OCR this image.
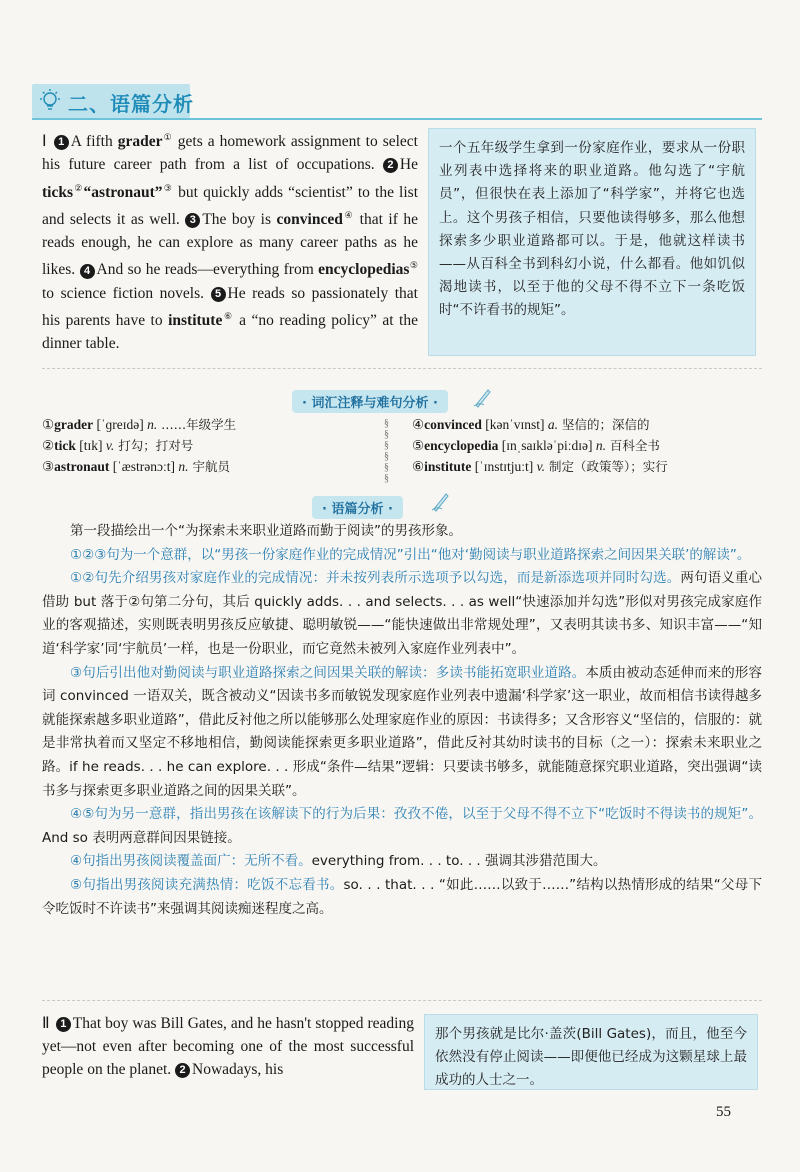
二、语篇分析
Ⅰ 1 A fifth grader① gets a homework assignment to select his future career path from a list of occupations. 2 He ticks②“astronaut”③ but quickly adds “scientist” to the list and selects it as well. 3 The boy is convinced④ that if he reads enough, he can explore as many career paths as he likes. 4 And so he reads—everything from encyclopedias⑤ to science fiction novels. 5 He reads so passionately that his parents have to institute⑥ a “no reading policy” at the dinner table.
一个五年级学生拿到一份家庭作业，要求从一份职业列表中选择将来的职业道路。他勾选了“宇航员”，但很快在表上添加了“科学家”，并将它也选上。这个男孩子相信，只要他读得够多，那么他想探索多少职业道路都可以。于是，他就这样读书——从百科全书到科幻小说，什么都看。他如饥似渴地读书，以至于他的父母不得不立下一条吃饭时“不许看书的规矩”。
· 词汇注释与难句分析 ·
①grader [ˈɡreɪdə] n. ……年级学生
②tick [tɪk] v. 打勾；打对号
③astronaut [ˈæstrənɔːt] n. 宇航员
§
§
§
§
§
§
④convinced [kənˈvɪnst] a. 坚信的；深信的
⑤encyclopedia [ɪnˌsaɪkləˈpiːdɪə] n. 百科全书
⑥institute [ˈɪnstɪtjuːt] v. 制定（政策等）；实行
· 语篇分析 ·

第一段描绘出一个“为探索未来职业道路而勤于阅读”的男孩形象。

①②③句为一个意群，以“男孩一份家庭作业的完成情况”引出“他对‘勤阅读与职业道路探索之间因果关联’的解读”。

①②句先介绍男孩对家庭作业的完成情况：并未按列表所示选项予以勾选，而是新添选项并同时勾选。两句语义重心借助 but 落于②句第二分句，其后 quickly adds. . . and selects. . . as well“快速添加并勾选”形似对男孩完成家庭作业的客观描述，实则既表明男孩反应敏捷、聪明敏锐——“能快速做出非常规处理”，又表明其读书多、知识丰富——“知道‘科学家’同‘宇航员’一样，也是一份职业，而它竟然未被列入家庭作业列表中”。

③句后引出他对勤阅读与职业道路探索之间因果关联的解读：多读书能拓宽职业道路。本质由被动态延伸而来的形容词 convinced 一语双关，既含被动义“因读书多而敏锐发现家庭作业列表中遗漏‘科学家’这一职业，故而相信书读得越多就能探索越多职业道路”，借此反衬他之所以能够那么处理家庭作业的原因：书读得多；又含形容义“坚信的，信服的：就是非常执着而又坚定不移地相信，勤阅读能探索更多职业道路”，借此反衬其幼时读书的目标（之一）：探索未来职业之路。if he reads. . . he can explore. . . 形成“条件—结果”逻辑：只要读书够多，就能随意探究职业道路，突出强调“读书多与探索更多职业道路之间的因果关联”。

④⑤句为另一意群，指出男孩在该解读下的行为后果：孜孜不倦，以至于父母不得不立下“吃饭时不得读书的规矩”。And so 表明两意群间因果链接。

④句指出男孩阅读覆盖面广：无所不看。everything from. . . to. . . 强调其涉猎范围大。

⑤句指出男孩阅读充满热情：吃饭不忘看书。so. . . that. . . “如此……以致于……”结构以热情形成的结果“父母下令吃饭时不许读书”来强调其阅读痴迷程度之高。

Ⅱ 1 That boy was Bill Gates, and he hasn't stopped reading yet—not even after becoming one of the most successful people on the planet. 2 Nowadays, his
那个男孩就是比尔·盖茨(Bill Gates)，而且，他至今依然没有停止阅读——即便他已经成为这颗星球上最成功的人士之一。
55
